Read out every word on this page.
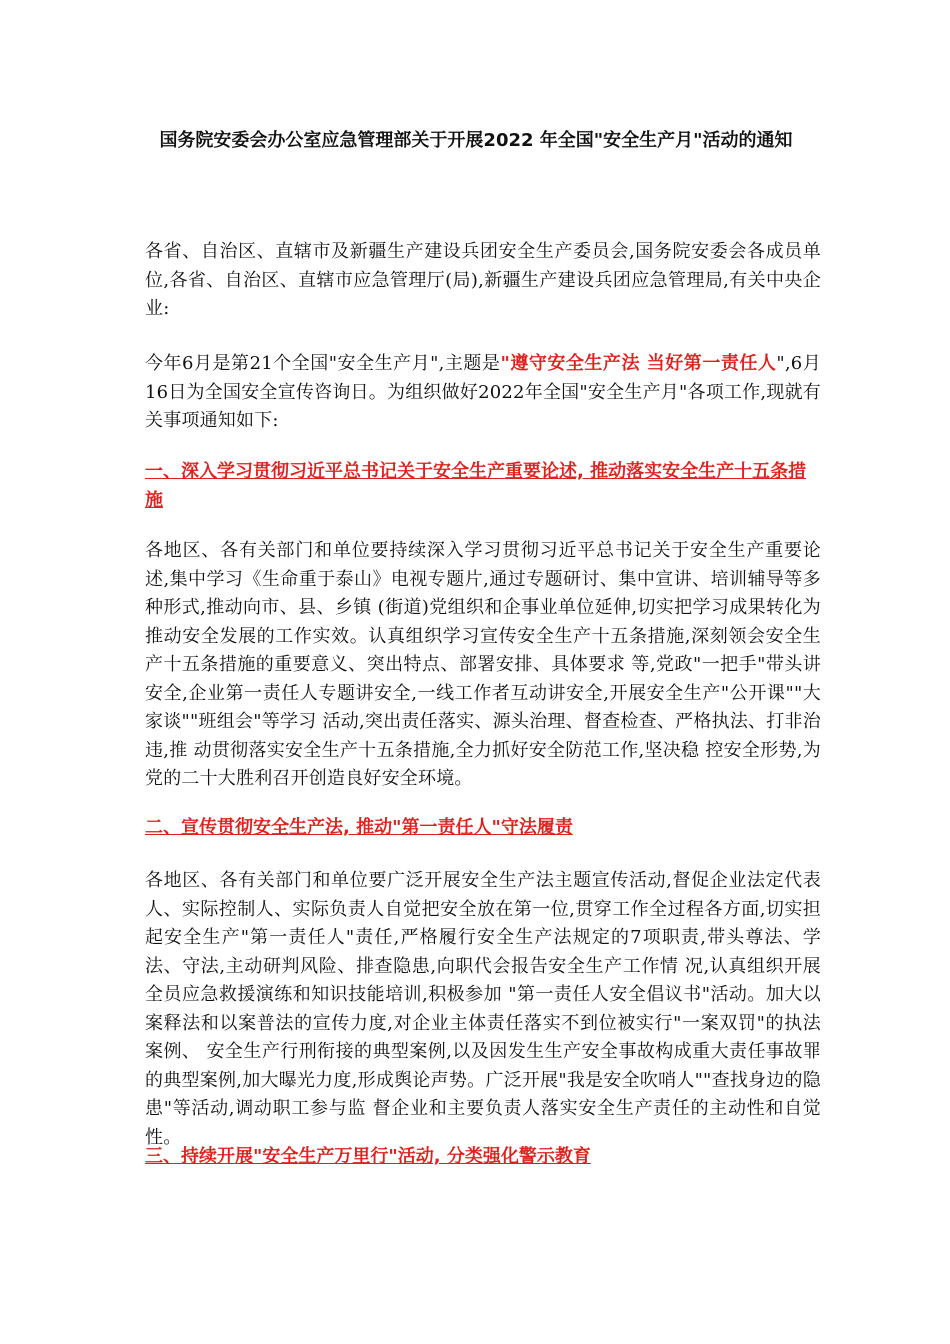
国务院安委会办公室应急管理部关于开展2022 年全国"安全生产月"活动的通知

各省、自治区、直辖市及新疆生产建设兵团安全生产委员会,国务院安委会各成员单位,各省、自治区、直辖市应急管理厅(局),新疆生产建设兵团应急管理局,有关中央企业:

今年6月是第21个全国"安全生产月",主题是"遵守安全生产法 当好第一责任人",6月16日为全国安全宣传咨询日。为组织做好2022年全国"安全生产月"各项工作,现就有关事项通知如下:

一、深入学习贯彻习近平总书记关于安全生产重要论述, 推动落实安全生产十五条措施

各地区、各有关部门和单位要持续深入学习贯彻习近平总书记关于安全生产重要论述,集中学习《生命重于泰山》电视专题片,通过专题研讨、集中宣讲、培训辅导等多种形式,推动向市、县、乡镇 (街道)党组织和企事业单位延伸,切实把学习成果转化为推动安全发展的工作实效。认真组织学习宣传安全生产十五条措施,深刻领会安全生产十五条措施的重要意义、突出特点、部署安排、具体要求 等,党政"一把手"带头讲安全,企业第一责任人专题讲安全,一线工作者互动讲安全,开展安全生产"公开课""大家谈""班组会"等学习 活动,突出责任落实、源头治理、督查检查、严格执法、打非治违,推 动贯彻落实安全生产十五条措施,全力抓好安全防范工作,坚决稳 控安全形势,为党的二十大胜利召开创造良好安全环境。

二、宣传贯彻安全生产法, 推动"第一责任人"守法履责

各地区、各有关部门和单位要广泛开展安全生产法主题宣传活动,督促企业法定代表人、实际控制人、实际负责人自觉把安全放在第一位,贯穿工作全过程各方面,切实担起安全生产"第一责任人"责任,严格履行安全生产法规定的7项职责,带头尊法、学 法、守法,主动研判风险、排查隐患,向职代会报告安全生产工作情 况,认真组织开展全员应急救援演练和知识技能培训,积极参加 "第一责任人安全倡议书"活动。加大以案释法和以案普法的宣传力度,对企业主体责任落实不到位被实行"一案双罚"的执法案例、 安全生产行刑衔接的典型案例,以及因发生生产安全事故构成重大责任事故罪的典型案例,加大曝光力度,形成舆论声势。广泛开展"我是安全吹哨人""查找身边的隐患"等活动,调动职工参与监 督企业和主要负责人落实安全生产责任的主动性和自觉性。

三、持续开展"安全生产万里行"活动, 分类强化警示教育
